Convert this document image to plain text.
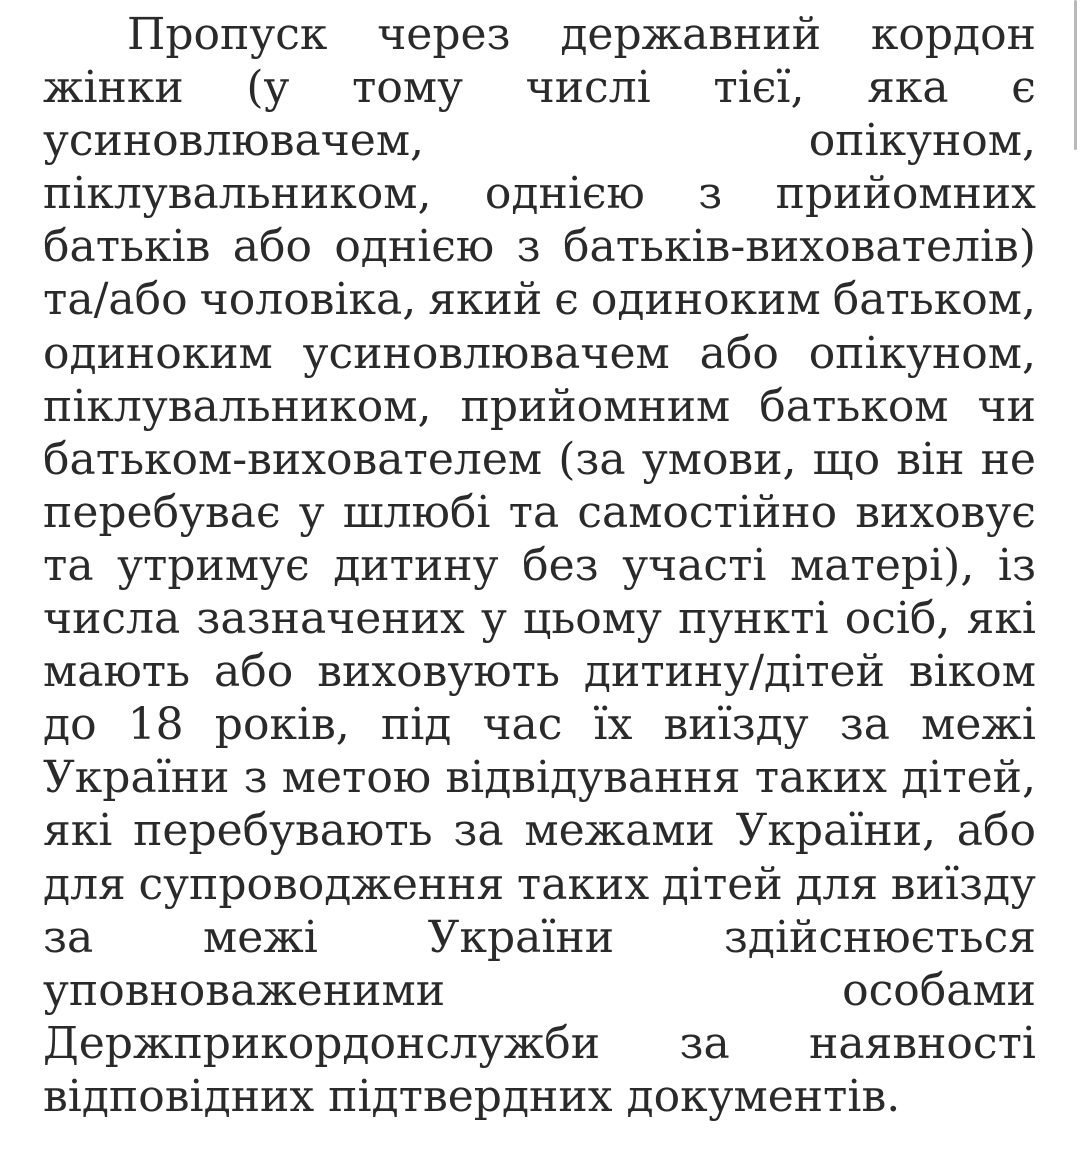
Пропуск через державний кордон
жінки (у тому числі тієї, яка є
усиновлювачем,	опікуном,
піклувальником, однією з прийомних
батьків або однією з батьків-вихователів)
та/або чоловіка, який є одиноким батьком,
одиноким усиновлювачем або опікуном,
піклувальником, прийомним батьком чи
батьком-вихователем (за умови, що він не
перебуває у шлюбі та самостійно виховує
та утримує дитину без участі матері), із
числа зазначених у цьому пункті осіб, які
мають або виховують дитину/дітей віком
до 18 років, під час їх виїзду за межі
України з метою відвідування таких дітей,
які перебувають за межами України, або
для супроводження таких дітей для виїзду
за межі України здійснюється
уповноваженими	особами
Держприкордонслужби за наявності
відповідних підтвердних документів.
